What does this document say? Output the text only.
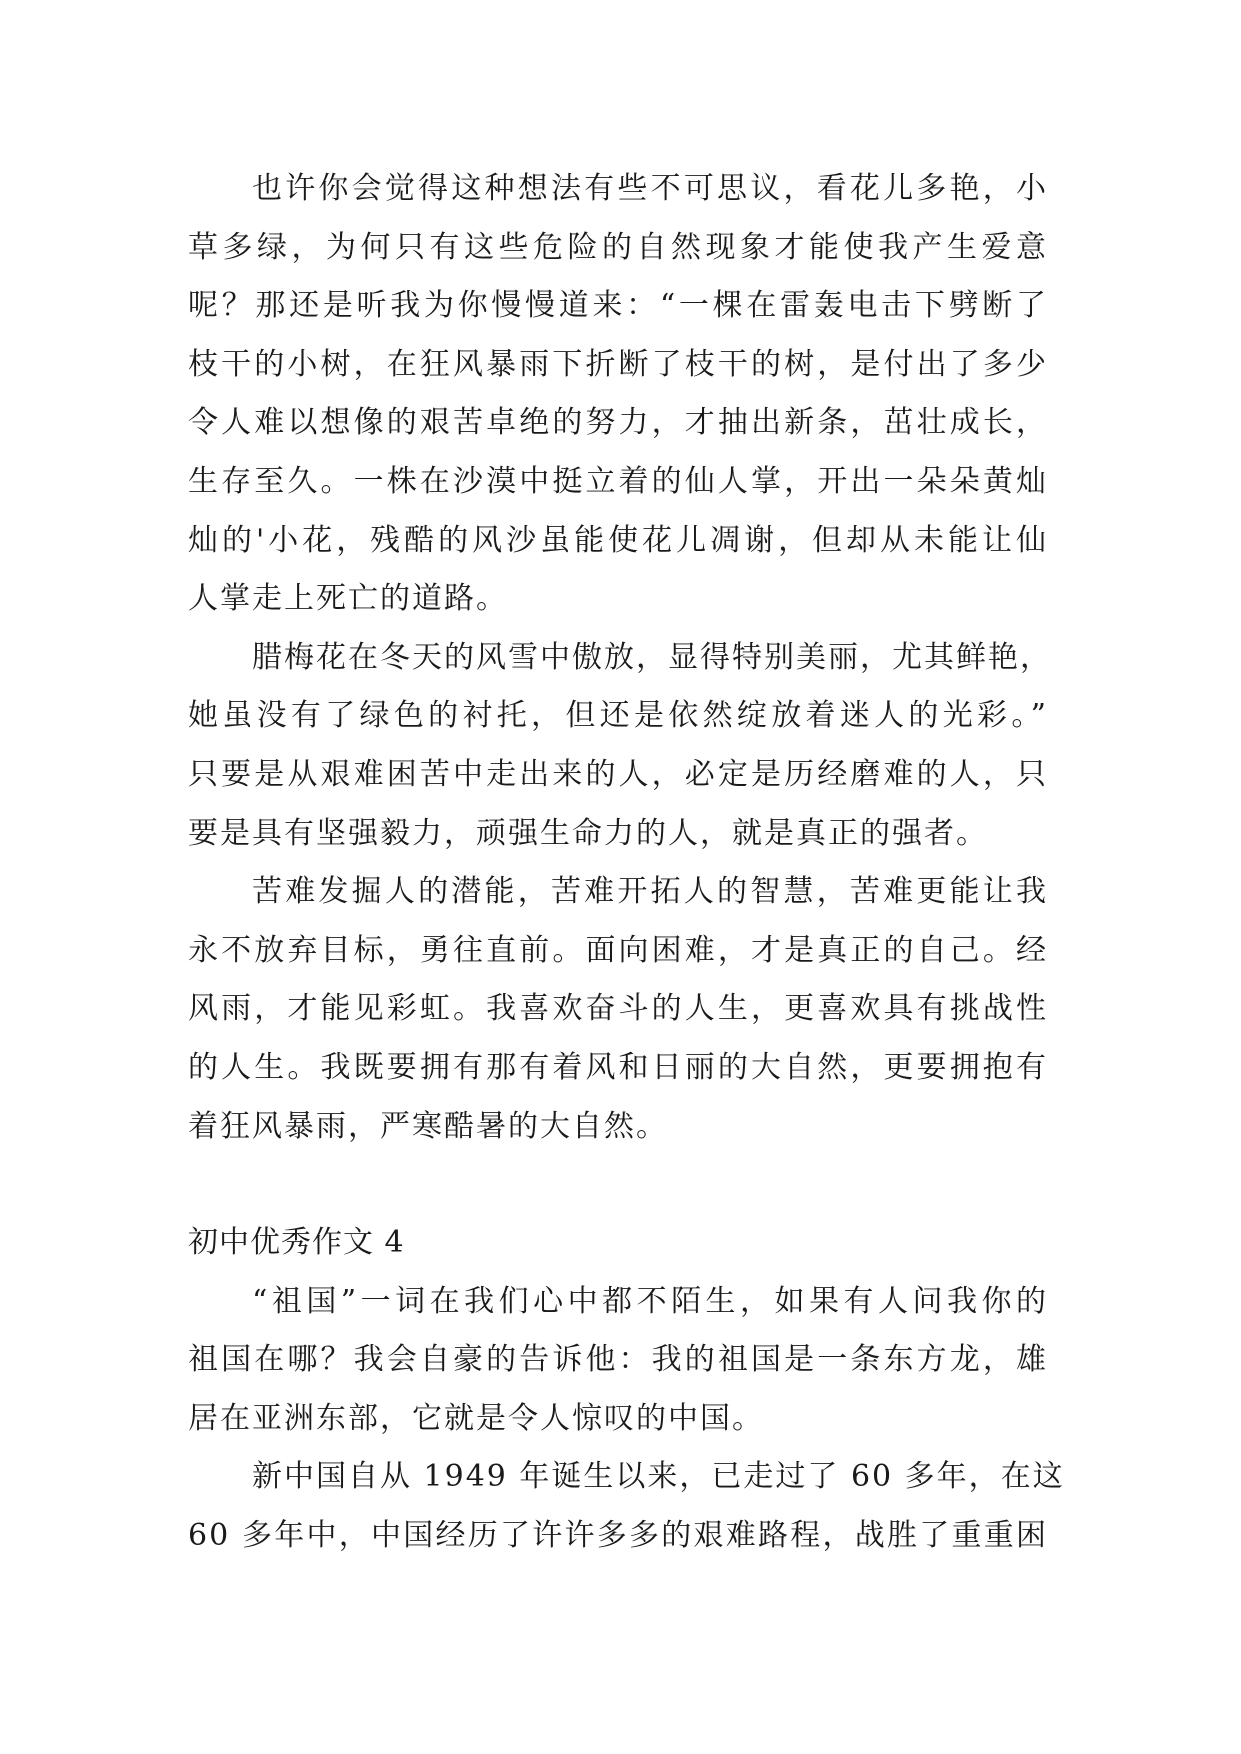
也许你会觉得这种想法有些不可思议，看花儿多艳，小
草多绿，为何只有这些危险的自然现象才能使我产生爱意
呢？那还是听我为你慢慢道来：“一棵在雷轰电击下劈断了
枝干的小树，在狂风暴雨下折断了枝干的树，是付出了多少
令人难以想像的艰苦卓绝的努力，才抽出新条，茁壮成长，
生存至久。一株在沙漠中挺立着的仙人掌，开出一朵朵黄灿
灿的'小花，残酷的风沙虽能使花儿凋谢，但却从未能让仙
人掌走上死亡的道路。
腊梅花在冬天的风雪中傲放，显得特别美丽，尤其鲜艳，
她虽没有了绿色的衬托，但还是依然绽放着迷人的光彩。”
只要是从艰难困苦中走出来的人，必定是历经磨难的人，只
要是具有坚强毅力，顽强生命力的人，就是真正的强者。
苦难发掘人的潜能，苦难开拓人的智慧，苦难更能让我
永不放弃目标，勇往直前。面向困难，才是真正的自己。经
风雨，才能见彩虹。我喜欢奋斗的人生，更喜欢具有挑战性
的人生。我既要拥有那有着风和日丽的大自然，更要拥抱有
着狂风暴雨，严寒酷暑的大自然。
初中优秀作文 4
“祖国”一词在我们心中都不陌生，如果有人问我你的
祖国在哪？我会自豪的告诉他：我的祖国是一条东方龙，雄
居在亚洲东部，它就是令人惊叹的中国。
新中国自从 1949 年诞生以来，已走过了 60 多年，在这
60 多年中，中国经历了许许多多的艰难路程，战胜了重重困
